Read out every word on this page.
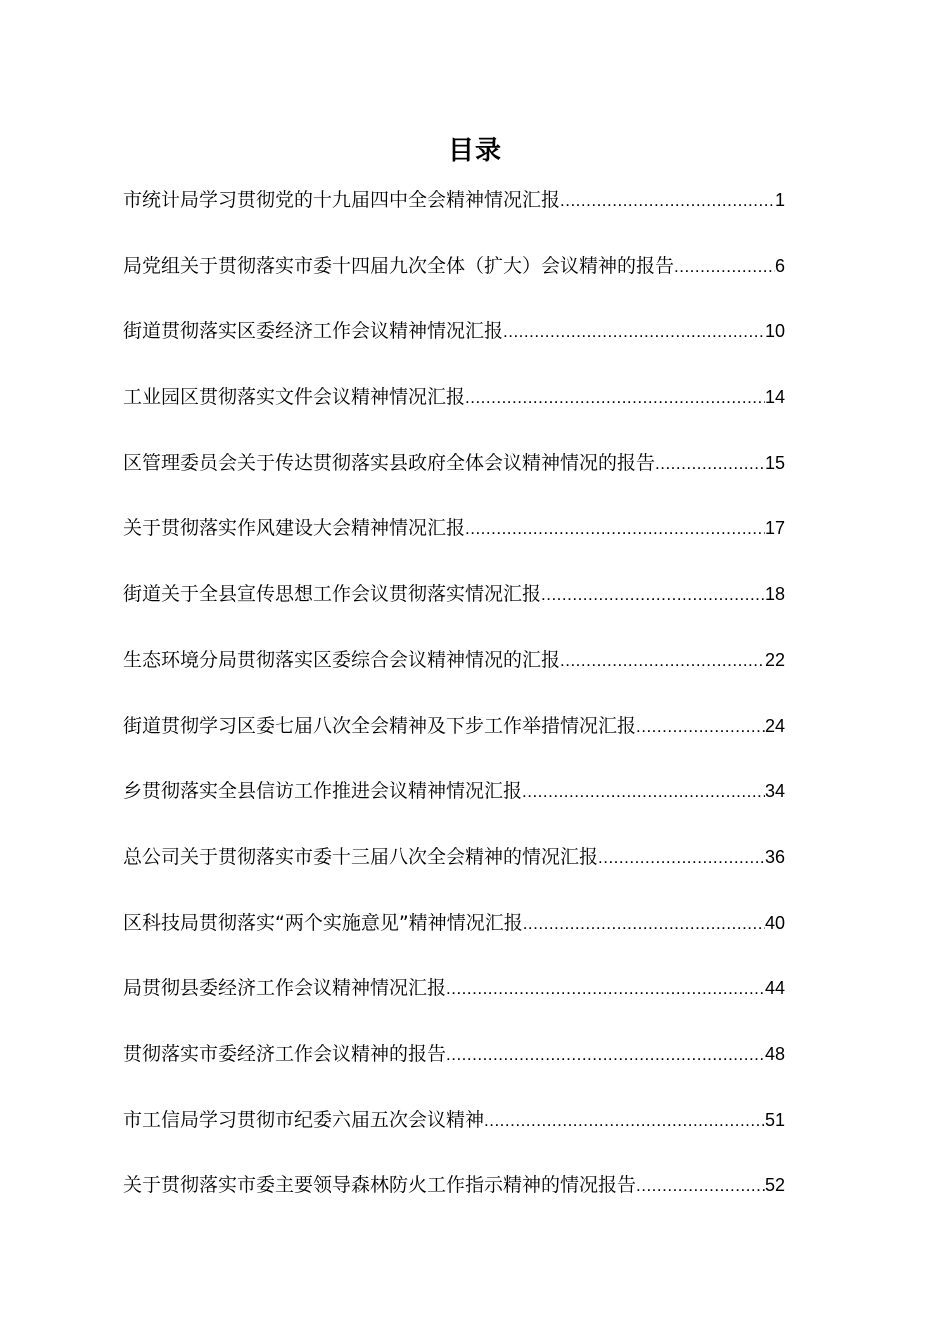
目录
市统计局学习贯彻党的十九届四中全会精神情况汇报 .....	1
局党组关于贯彻落实市委十四届九次全体（扩大）会议精神的报告 .....	6
街道贯彻落实区委经济工作会议精神情况汇报 .....	10
工业园区贯彻落实文件会议精神情况汇报 .....	14
区管理委员会关于传达贯彻落实县政府全体会议精神情况的报告 .....	15
关于贯彻落实作风建设大会精神情况汇报 .....	17
街道关于全县宣传思想工作会议贯彻落实情况汇报 .....	18
生态环境分局贯彻落实区委综合会议精神情况的汇报 .....	22
街道贯彻学习区委七届八次全会精神及下步工作举措情况汇报 .....	24
乡贯彻落实全县信访工作推进会议精神情况汇报 .....	34
总公司关于贯彻落实市委十三届八次全会精神的情况汇报 .....	36
区科技局贯彻落实“两个实施意见”精神情况汇报 .....	40
局贯彻县委经济工作会议精神情况汇报 .....	44
贯彻落实市委经济工作会议精神的报告 .....	48
市工信局学习贯彻市纪委六届五次会议精神 .....	51
关于贯彻落实市委主要领导森林防火工作指示精神的情况报告 .....	52
